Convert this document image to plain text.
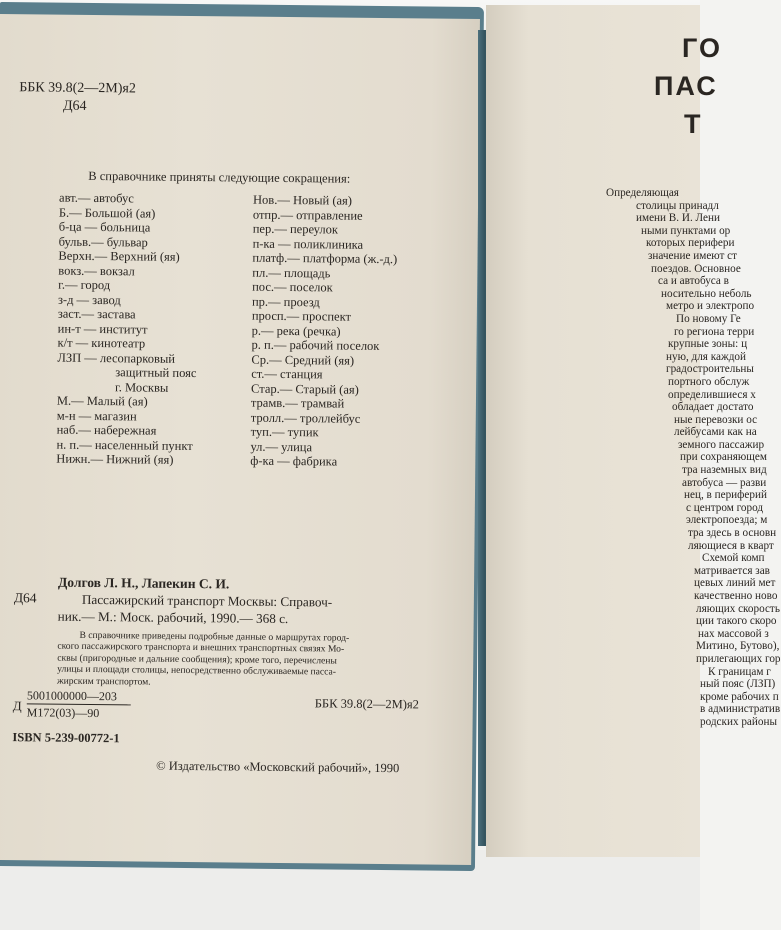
ББК 39.8(2—2М)я2
Д64
В справочнике приняты следующие сокращения:
авт.— автобус
Б.— Большой (ая)
б-ца — больница
бульв.— бульвар
Верхн.— Верхний (яя)
вокз.— вокзал
г.— город
з-д — завод
заст.— застава
ин-т — институт
к/т — кинотеатр
ЛЗП — лесопарковый
защитный пояс
г. Москвы
М.— Малый (ая)
м-н — магазин
наб.— набережная
н. п.— населенный пункт
Нижн.— Нижний (яя)
Нов.— Новый (ая)
отпр.— отправление
пер.— переулок
п-ка — поликлиника
платф.— платформа (ж.-д.)
пл.— площадь
пос.— поселок
пр.— проезд
просп.— проспект
р.— река (речка)
р. п.— рабочий поселок
Ср.— Средний (яя)
ст.— станция
Стар.— Старый (ая)
трамв.— трамвай
тролл.— троллейбус
туп.— тупик
ул.— улица
ф-ка — фабрика
Д64
Долгов Л. Н., Лапекин С. И.
Пассажирский транспорт Москвы: Справоч-
ник.— М.: Моск. рабочий, 1990.— 368 с.
В справочнике приведены подробные данные о маршрутах город-
ского пассажирского транспорта и внешних транспортных связях Мо-
сквы (пригородные и дальние сообщения); кроме того, перечислены
улицы и площади столицы, непосредственно обслуживаемые пасса-
жирским транспортом.
Д
5001000000—203
М172(03)—90
ББК 39.8(2—2М)я2
ISBN 5-239-00772-1
© Издательство «Московский рабочий», 1990
ГО
ПАС
Т
Определяющая
столицы принадл
имени В. И. Лени
ными пунктами ор
которых перифери
значение имеют ст
поездов. Основное
са и автобуса в
носительно неболь
метро и электропо
По новому Ге
го региона терри
крупные зоны: ц
ную, для каждой
градостроительны
портного обслуж
определившиеся х
обладает достато
ные перевозки ос
лейбусами как на
земного пассажир
при сохраняющем
тра наземных вид
автобуса — разви
нец, в периферий
с центром город
электропоезда; м
тра здесь в основн
ляющиеся в кварт
Схемой комп
матривается зав
цевых линий мет
качественно ново
ляющих скорость
ции такого скоро
нах массовой з
Митино, Бутово),
прилегающих гор
К границам г
ный пояс (ЛЗП)
кроме рабочих п
в административ
родских районы
